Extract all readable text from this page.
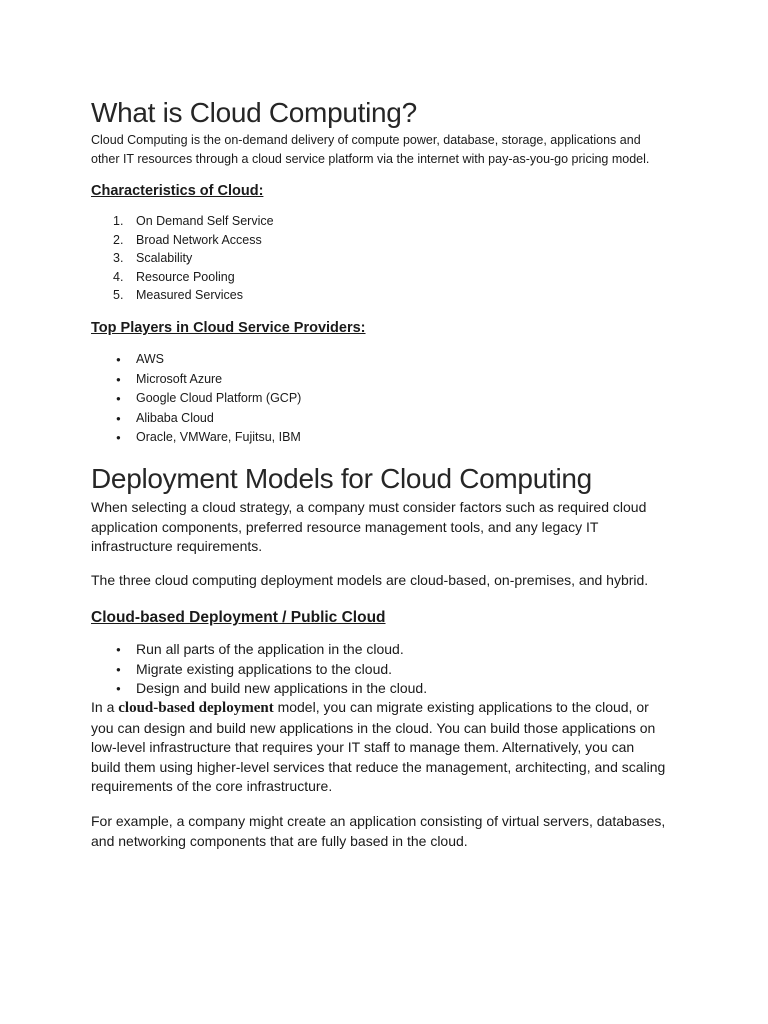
What is Cloud Computing?
Cloud Computing is the on-demand delivery of compute power, database, storage, applications and
other IT resources through a cloud service platform via the internet with pay-as-you-go pricing model.
Characteristics of Cloud:
1. On Demand Self Service
2. Broad Network Access
3. Scalability
4. Resource Pooling
5. Measured Services
Top Players in Cloud Service Providers:
● AWS
● Microsoft Azure
● Google Cloud Platform (GCP)
● Alibaba Cloud
● Oracle, VMWare, Fujitsu, IBM
Deployment Models for Cloud Computing
When selecting a cloud strategy, a company must consider factors such as required cloud
application components, preferred resource management tools, and any legacy IT
infrastructure requirements.

The three cloud computing deployment models are cloud-based, on-premises, and hybrid.

Cloud-based Deployment / Public Cloud
● Run all parts of the application in the cloud.
● Migrate existing applications to the cloud.
● Design and build new applications in the cloud.
In a cloud-based deployment model, you can migrate existing applications to the cloud, or
you can design and build new applications in the cloud. You can build those applications on
low-level infrastructure that requires your IT staff to manage them. Alternatively, you can
build them using higher-level services that reduce the management, architecting, and scaling
requirements of the core infrastructure.
For example, a company might create an application consisting of virtual servers, databases,
and networking components that are fully based in the cloud.
